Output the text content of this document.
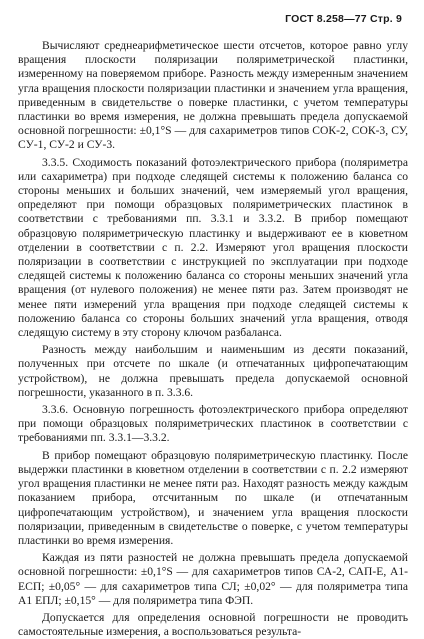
ГОСТ 8.258—77 Стр. 9

Вычисляют среднеарифметическое шести отсчетов, которое равно углу вращения плоскости поляризации поляриметрической пластинки, измеренному на поверяемом приборе. Разность между измеренным значением угла вращения плоскости поляризации пластинки и значением угла вращения, приведенным в свидетельстве о поверке пластинки, с учетом температуры пластинки во время измерения, не должна превышать предела допускаемой основной погрешности: ±0,1°S — для сахариметров типов СОК-2, СОК-3, СУ, СУ-1, СУ-2 и СУ-3.

3.3.5. Сходимость показаний фотоэлектрического прибора (поляриметра или сахариметра) при подходе следящей системы к положению баланса со стороны меньших и больших значений, чем измеряемый угол вращения, определяют при помощи образцовых поляриметрических пластинок в соответствии с требованиями пп. 3.3.1 и 3.3.2. В прибор помещают образцовую поляриметрическую пластинку и выдерживают ее в кюветном отделении в соответствии с п. 2.2. Измеряют угол вращения плоскости поляризации в соответствии с инструкцией по эксплуатации при подходе следящей системы к положению баланса со стороны меньших значений угла вращения (от нулевого положения) не менее пяти раз. Затем производят не менее пяти измерений угла вращения при подходе следящей системы к положению баланса со стороны больших значений угла вращения, отводя следящую систему в эту сторону ключом разбаланса.

Разность между наибольшим и наименьшим из десяти показаний, полученных при отсчете по шкале (и отпечатанных цифропечатающим устройством), не должна превышать предела допускаемой основной погрешности, указанного в п. 3.3.6.

3.3.6. Основную погрешность фотоэлектрического прибора определяют при помощи образцовых поляриметрических пластинок в соответствии с требованиями пп. 3.3.1—3.3.2.

В прибор помещают образцовую поляриметрическую пластинку. После выдержки пластинки в кюветном отделении в соответствии с п. 2.2 измеряют угол вращения пластинки не менее пяти раз. Находят разность между каждым показанием прибора, отсчитанным по шкале (и отпечатанным цифропечатающим устройством), и значением угла вращения плоскости поляризации, приведенным в свидетельстве о поверке, с учетом температуры пластинки во время измерения.

Каждая из пяти разностей не должна превышать предела допускаемой основной погрешности: ±0,1°S — для сахариметров типов СА-2, САП-Е, А1-ЕСП; ±0,05° — для сахариметров типа СЛ; ±0,02° — для поляриметра типа А1 ЕПЛ; ±0,15° — для поляриметра типа ФЭП.

Допускается для определения основной погрешности не проводить самостоятельные измерения, а воспользоваться результа-
